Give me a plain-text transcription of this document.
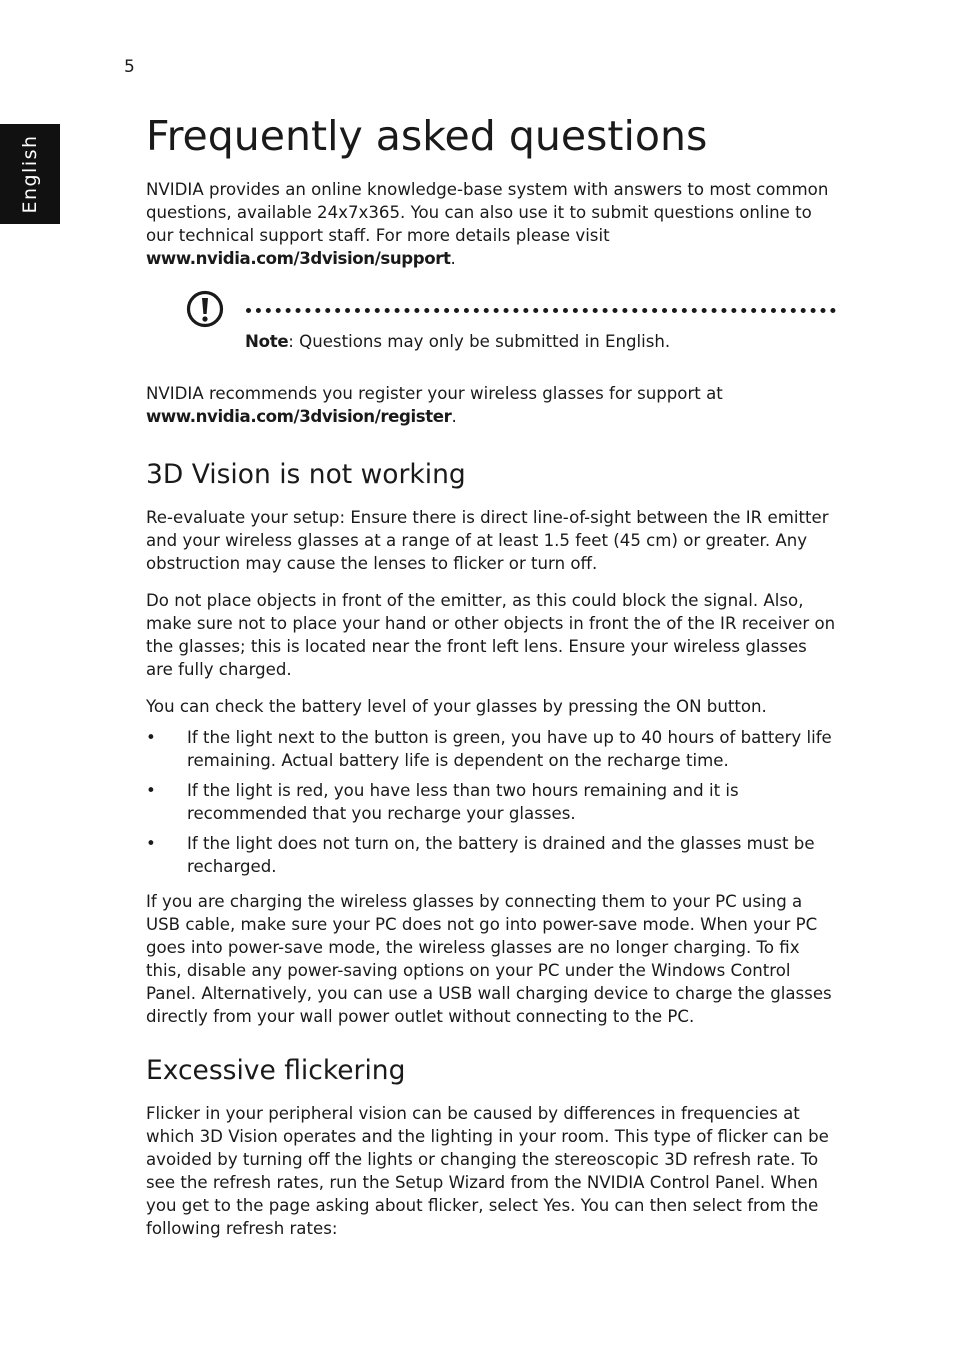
5
English	Frequently asked questions

NVIDIA provides an online knowledge-base system with answers to most common questions, available 24x7x365. You can also use it to submit questions online to our technical support staff. For more details please visit www.nvidia.com/3dvision/support.

Note: Questions may only be submitted in English.

NVIDIA recommends you register your wireless glasses for support at www.nvidia.com/3dvision/register.

3D Vision is not working

Re-evaluate your setup: Ensure there is direct line-of-sight between the IR emitter and your wireless glasses at a range of at least 1.5 feet (45 cm) or greater. Any obstruction may cause the lenses to flicker or turn off.

Do not place objects in front of the emitter, as this could block the signal. Also, make sure not to place your hand or other objects in front the of the IR receiver on the glasses; this is located near the front left lens. Ensure your wireless glasses are fully charged.

You can check the battery level of your glasses by pressing the ON button.

• If the light next to the button is green, you have up to 40 hours of battery life remaining. Actual battery life is dependent on the recharge time.
• If the light is red, you have less than two hours remaining and it is recommended that you recharge your glasses.
• If the light does not turn on, the battery is drained and the glasses must be recharged.

If you are charging the wireless glasses by connecting them to your PC using a USB cable, make sure your PC does not go into power-save mode. When your PC goes into power-save mode, the wireless glasses are no longer charging. To fix this, disable any power-saving options on your PC under the Windows Control Panel. Alternatively, you can use a USB wall charging device to charge the glasses directly from your wall power outlet without connecting to the PC.

Excessive flickering

Flicker in your peripheral vision can be caused by differences in frequencies at which 3D Vision operates and the lighting in your room. This type of flicker can be avoided by turning off the lights or changing the stereoscopic 3D refresh rate. To see the refresh rates, run the Setup Wizard from the NVIDIA Control Panel. When you get to the page asking about flicker, select Yes. You can then select from the following refresh rates:
